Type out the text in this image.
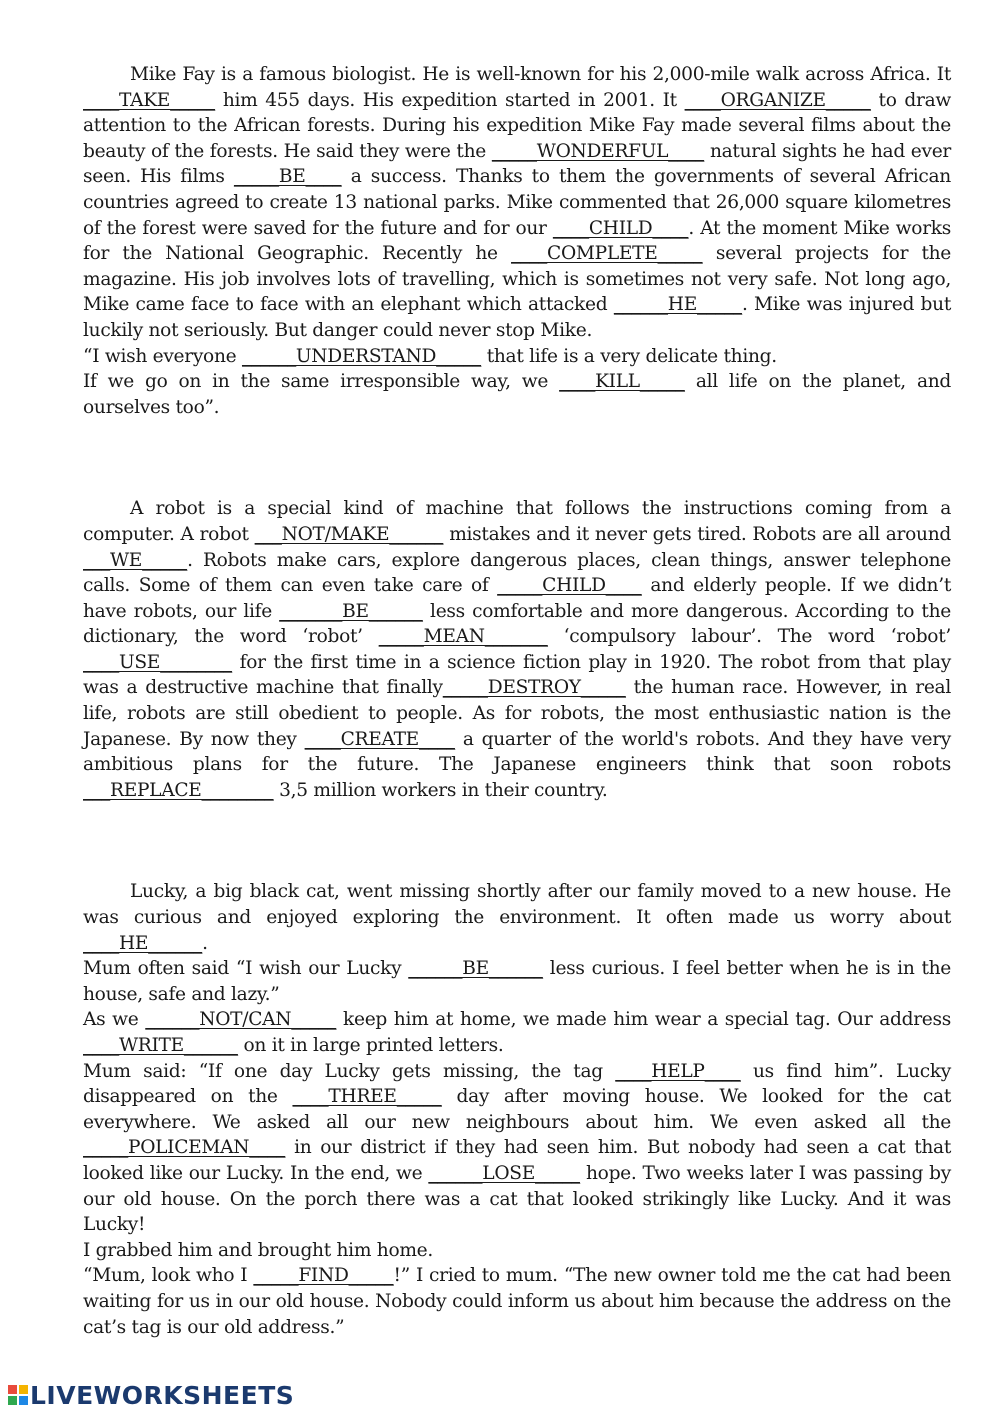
Mike Fay is a famous biologist. He is well-known for his 2,000-mile walk across Africa. It ____TAKE_____ him 455 days. His expedition started in 2001. It ____ORGANIZE_____ to draw attention to the African forests. During his expedition Mike Fay made several films about the beauty of the forests. He said they were the _____WONDERFUL____ natural sights he had ever seen. His films _____BE____ a success. Thanks to them the governments of several African countries agreed to create 13 national parks. Mike commented that 26,000 square kilometres of the forest were saved for the future and for our ____CHILD____. At the moment Mike works for the National Geographic. Recently he ____COMPLETE_____ several projects for the magazine. His job involves lots of travelling, which is sometimes not very safe. Not long ago, Mike came face to face with an elephant which attacked ______HE_____. Mike was injured but luckily not seriously. But danger could never stop Mike.
“I wish everyone ______UNDERSTAND_____ that life is a very delicate thing.
If we go on in the same irresponsible way, we ____KILL_____ all life on the planet, and ourselves too”.

A robot is a special kind of machine that follows the instructions coming from a computer. A robot ___NOT/MAKE______ mistakes and it never gets tired. Robots are all around ___WE_____. Robots make cars, explore dangerous places, clean things, answer telephone calls. Some of them can even take care of _____CHILD____ and elderly people. If we didn’t have robots, our life _______BE______ less comfortable and more dangerous. According to the dictionary, the word ‘robot’ _____MEAN_______ ‘compulsory labour’. The word ‘robot’ ____USE________ for the first time in a science fiction play in 1920. The robot from that play was a destructive machine that finally_____DESTROY_____ the human race. However, in real life, robots are still obedient to people. As for robots, the most enthusiastic nation is the Japanese. By now they ____CREATE____ a quarter of the world's robots. And they have very ambitious plans for the future. The Japanese engineers think that soon robots ___REPLACE________ 3,5 million workers in their country.

Lucky, a big black cat, went missing shortly after our family moved to a new house. He was curious and enjoyed exploring the environment. It often made us worry about ____HE______.
Mum often said “I wish our Lucky ______BE______ less curious. I feel better when he is in the house, safe and lazy.”
As we ______NOT/CAN_____ keep him at home, we made him wear a special tag. Our address ____WRITE______ on it in large printed letters.
Mum said: “If one day Lucky gets missing, the tag ____HELP____ us find him”. Lucky disappeared on the ____THREE_____ day after moving house. We looked for the cat everywhere. We asked all our new neighbours about him. We even asked all the _____POLICEMAN____ in our district if they had seen him. But nobody had seen a cat that looked like our Lucky. In the end, we ______LOSE_____ hope. Two weeks later I was passing by our old house. On the porch there was a cat that looked strikingly like Lucky. And it was Lucky!
I grabbed him and brought him home.
“Mum, look who I _____FIND_____!” I cried to mum. “The new owner told me the cat had been waiting for us in our old house. Nobody could inform us about him because the address on the cat’s tag is our old address.”

LIVEWORKSHEETS
